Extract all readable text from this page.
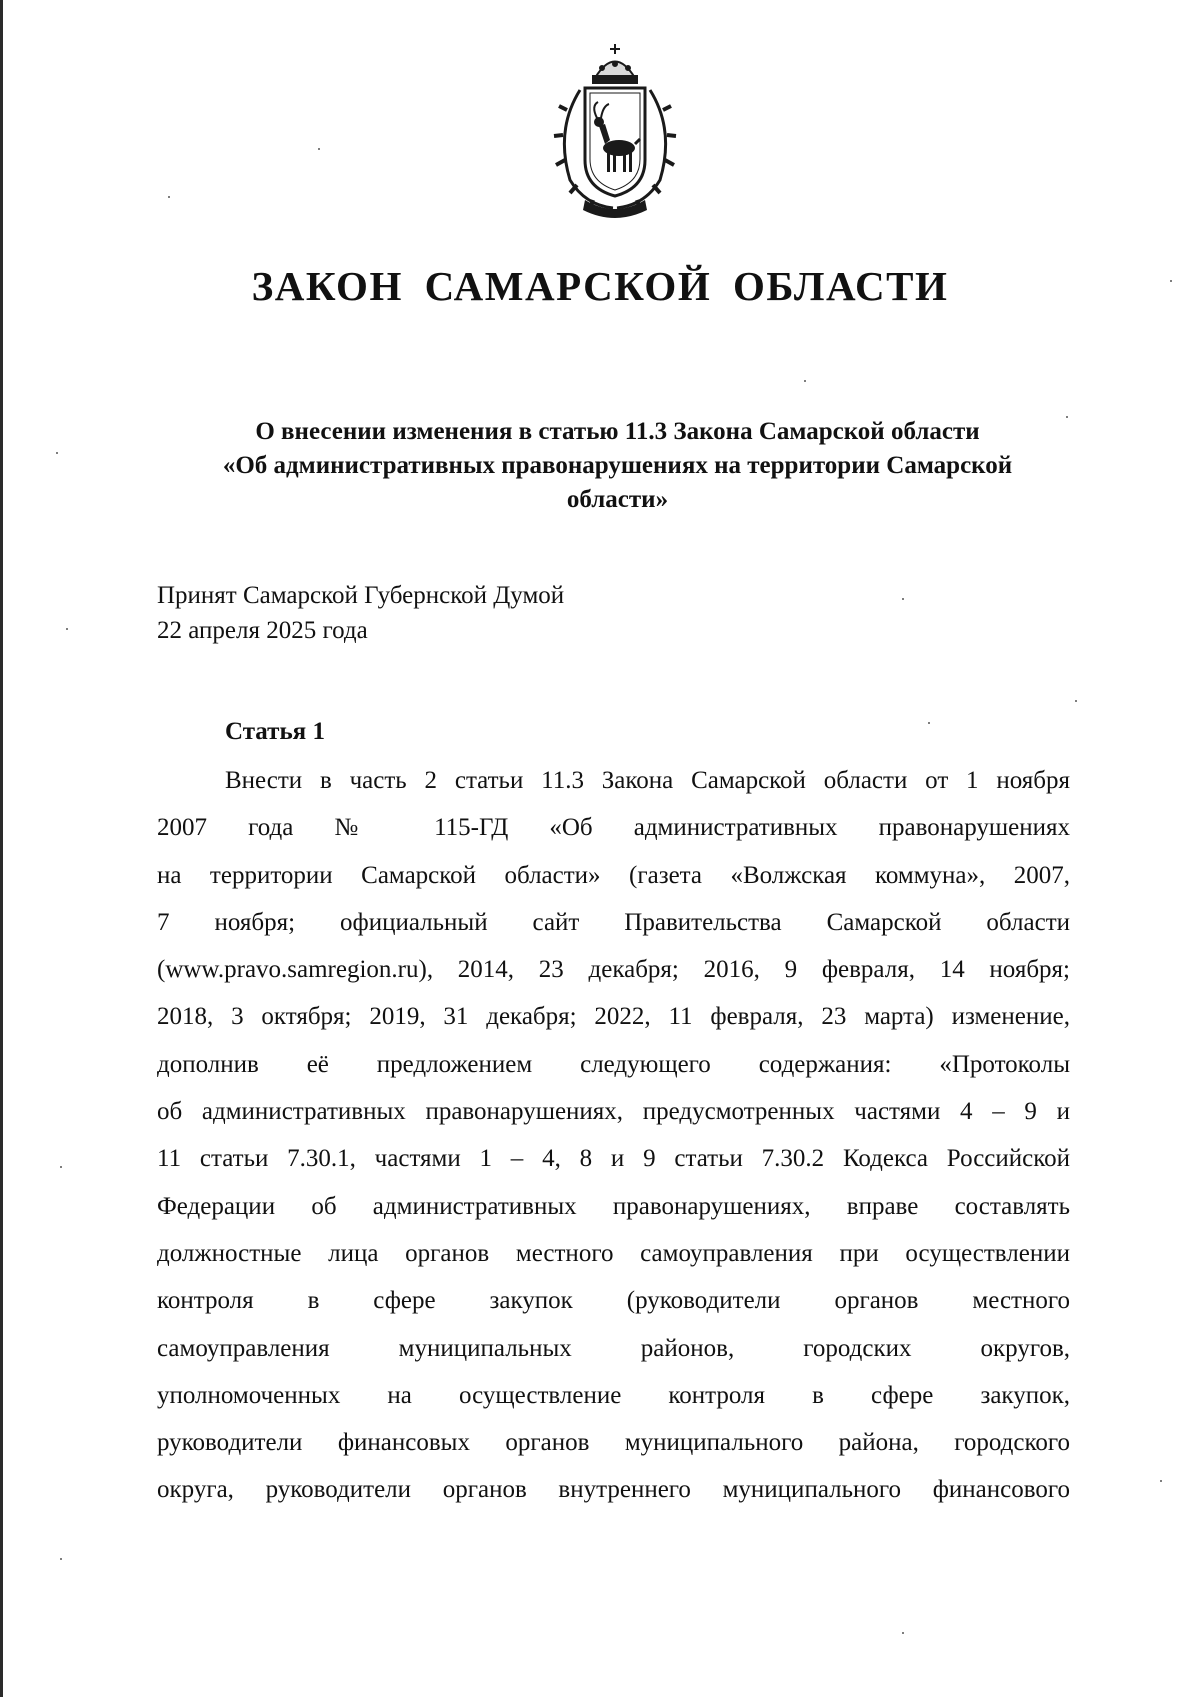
ЗАКОН САМАРСКОЙ ОБЛАСТИ
О внесении изменения в статью 11.3 Закона Самарской области
«Об административных правонарушениях на территории Самарской
области»
Принят Самарской Губернской Думой
22 апреля 2025 года
Статья 1
Внести в часть 2 статьи 11.3 Закона Самарской области от 1 ноября
2007 года № 115-ГД «Об административных правонарушениях
на территории Самарской области» (газета «Волжская коммуна», 2007,
7 ноября; официальный сайт Правительства Самарской области
(www.pravo.samregion.ru), 2014, 23 декабря; 2016, 9 февраля, 14 ноября;
2018, 3 октября; 2019, 31 декабря; 2022, 11 февраля, 23 марта) изменение,
дополнив её предложением следующего содержания: «Протоколы
об административных правонарушениях, предусмотренных частями 4 – 9 и
11 статьи 7.30.1, частями 1 – 4, 8 и 9 статьи 7.30.2 Кодекса Российской
Федерации об административных правонарушениях, вправе составлять
должностные лица органов местного самоуправления при осуществлении
контроля в сфере закупок (руководители органов местного
самоуправления муниципальных районов, городских округов,
уполномоченных на осуществление контроля в сфере закупок,
руководители финансовых органов муниципального района, городского
округа, руководители органов внутреннего муниципального финансового
